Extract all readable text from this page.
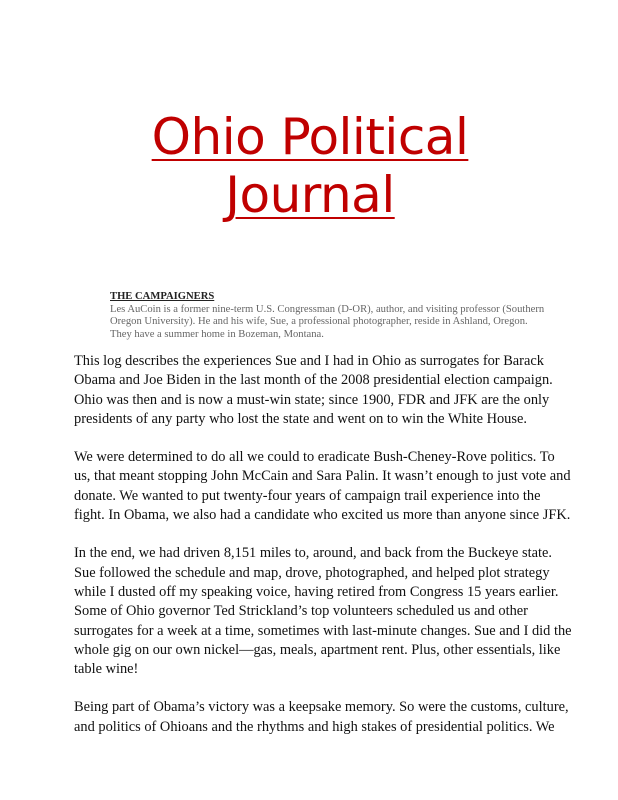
Ohio Political
Journal
THE CAMPAIGNERS
Les AuCoin is a former nine-term U.S. Congressman (D-OR), author, and visiting professor (Southern Oregon University). He and his wife, Sue, a professional photographer, reside in Ashland, Oregon. They have a summer home in Bozeman, Montana.

This log describes the experiences Sue and I had in Ohio as surrogates for Barack Obama and Joe Biden in the last month of the 2008 presidential election campaign. Ohio was then and is now a must-win state; since 1900, FDR and JFK are the only presidents of any party who lost the state and went on to win the White House.

We were determined to do all we could to eradicate Bush-Cheney-Rove politics. To us, that meant stopping John McCain and Sara Palin. It wasn’t enough to just vote and donate. We wanted to put twenty-four years of campaign trail experience into the fight. In Obama, we also had a candidate who excited us more than anyone since JFK.

In the end, we had driven 8,151 miles to, around, and back from the Buckeye state. Sue followed the schedule and map, drove, photographed, and helped plot strategy while I dusted off my speaking voice, having retired from Congress 15 years earlier. Some of Ohio governor Ted Strickland’s top volunteers scheduled us and other surrogates for a week at a time, sometimes with last-minute changes. Sue and I did the whole gig on our own nickel—gas, meals, apartment rent. Plus, other essentials, like table wine!

Being part of Obama’s victory was a keepsake memory. So were the customs, culture, and politics of Ohioans and the rhythms and high stakes of presidential politics. We
